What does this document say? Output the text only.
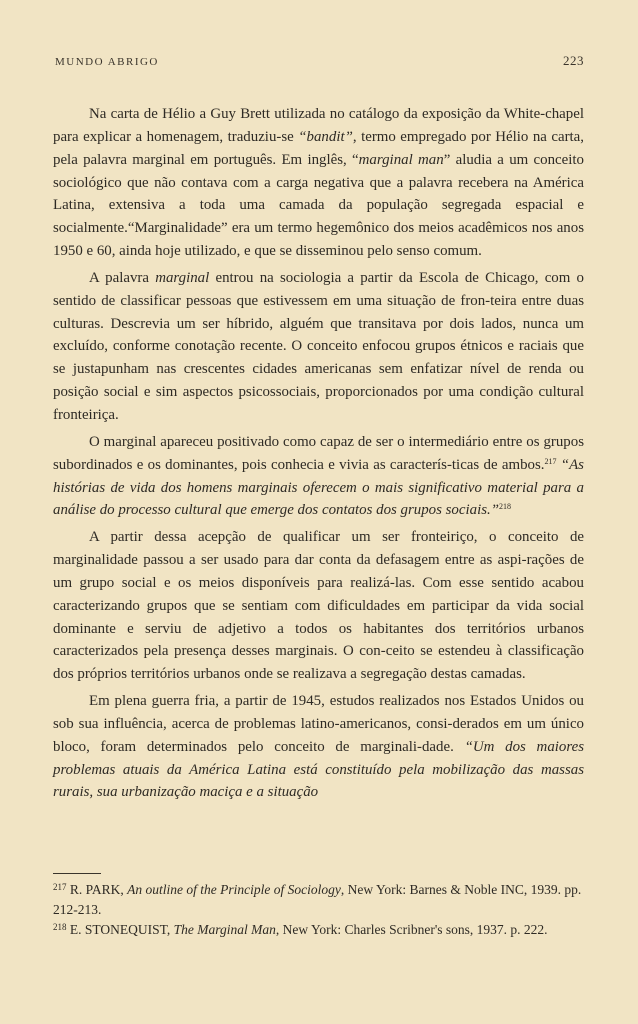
MUNDO ABRIGO	223

Na carta de Hélio a Guy Brett utilizada no catálogo da exposição da White-chapel para explicar a homenagem, traduziu-se “bandit”, termo empregado por Hélio na carta, pela palavra marginal em português. Em inglês, “marginal man” aludia a um conceito sociológico que não contava com a carga negativa que a palavra recebera na América Latina, extensiva a toda uma camada da população segregada espacial e socialmente.“Marginalidade” era um termo hegemônico dos meios acadêmicos nos anos 1950 e 60, ainda hoje utilizado, e que se disseminou pelo senso comum.

A palavra marginal entrou na sociologia a partir da Escola de Chicago, com o sentido de classificar pessoas que estivessem em uma situação de fron-teira entre duas culturas. Descrevia um ser híbrido, alguém que transitava por dois lados, nunca um excluído, conforme conotação recente. O conceito enfocou grupos étnicos e raciais que se justapunham nas crescentes cidades americanas sem enfatizar nível de renda ou posição social e sim aspectos psicossociais, proporcionados por uma condição cultural fronteiriça.

O marginal apareceu positivado como capaz de ser o intermediário entre os grupos subordinados e os dominantes, pois conhecia e vivia as caracterís-ticas de ambos.$^{217}$ “As histórias de vida dos homens marginais oferecem o mais significativo material para a análise do processo cultural que emerge dos contatos dos grupos sociais.”$^{218}$

A partir dessa acepção de qualificar um ser fronteiriço, o conceito de marginalidade passou a ser usado para dar conta da defasagem entre as aspi-rações de um grupo social e os meios disponíveis para realizá-las. Com esse sentido acabou caracterizando grupos que se sentiam com dificuldades em participar da vida social dominante e serviu de adjetivo a todos os habitantes dos territórios urbanos caracterizados pela presença desses marginais. O con-ceito se estendeu à classificação dos próprios territórios urbanos onde se realizava a segregação destas camadas.

Em plena guerra fria, a partir de 1945, estudos realizados nos Estados Unidos ou sob sua influência, acerca de problemas latino-americanos, consi-derados em um único bloco, foram determinados pelo conceito de marginali-dade. “Um dos maiores problemas atuais da América Latina está constituído pela mobilização das massas rurais, sua urbanização maciça e a situação

$^{217}$ R. PARK, An outline of the Principle of Sociology, New York: Barnes & Noble INC, 1939. pp. 212-213.

$^{218}$ E. STONEQUIST, The Marginal Man, New York: Charles Scribner's sons, 1937. p. 222.
